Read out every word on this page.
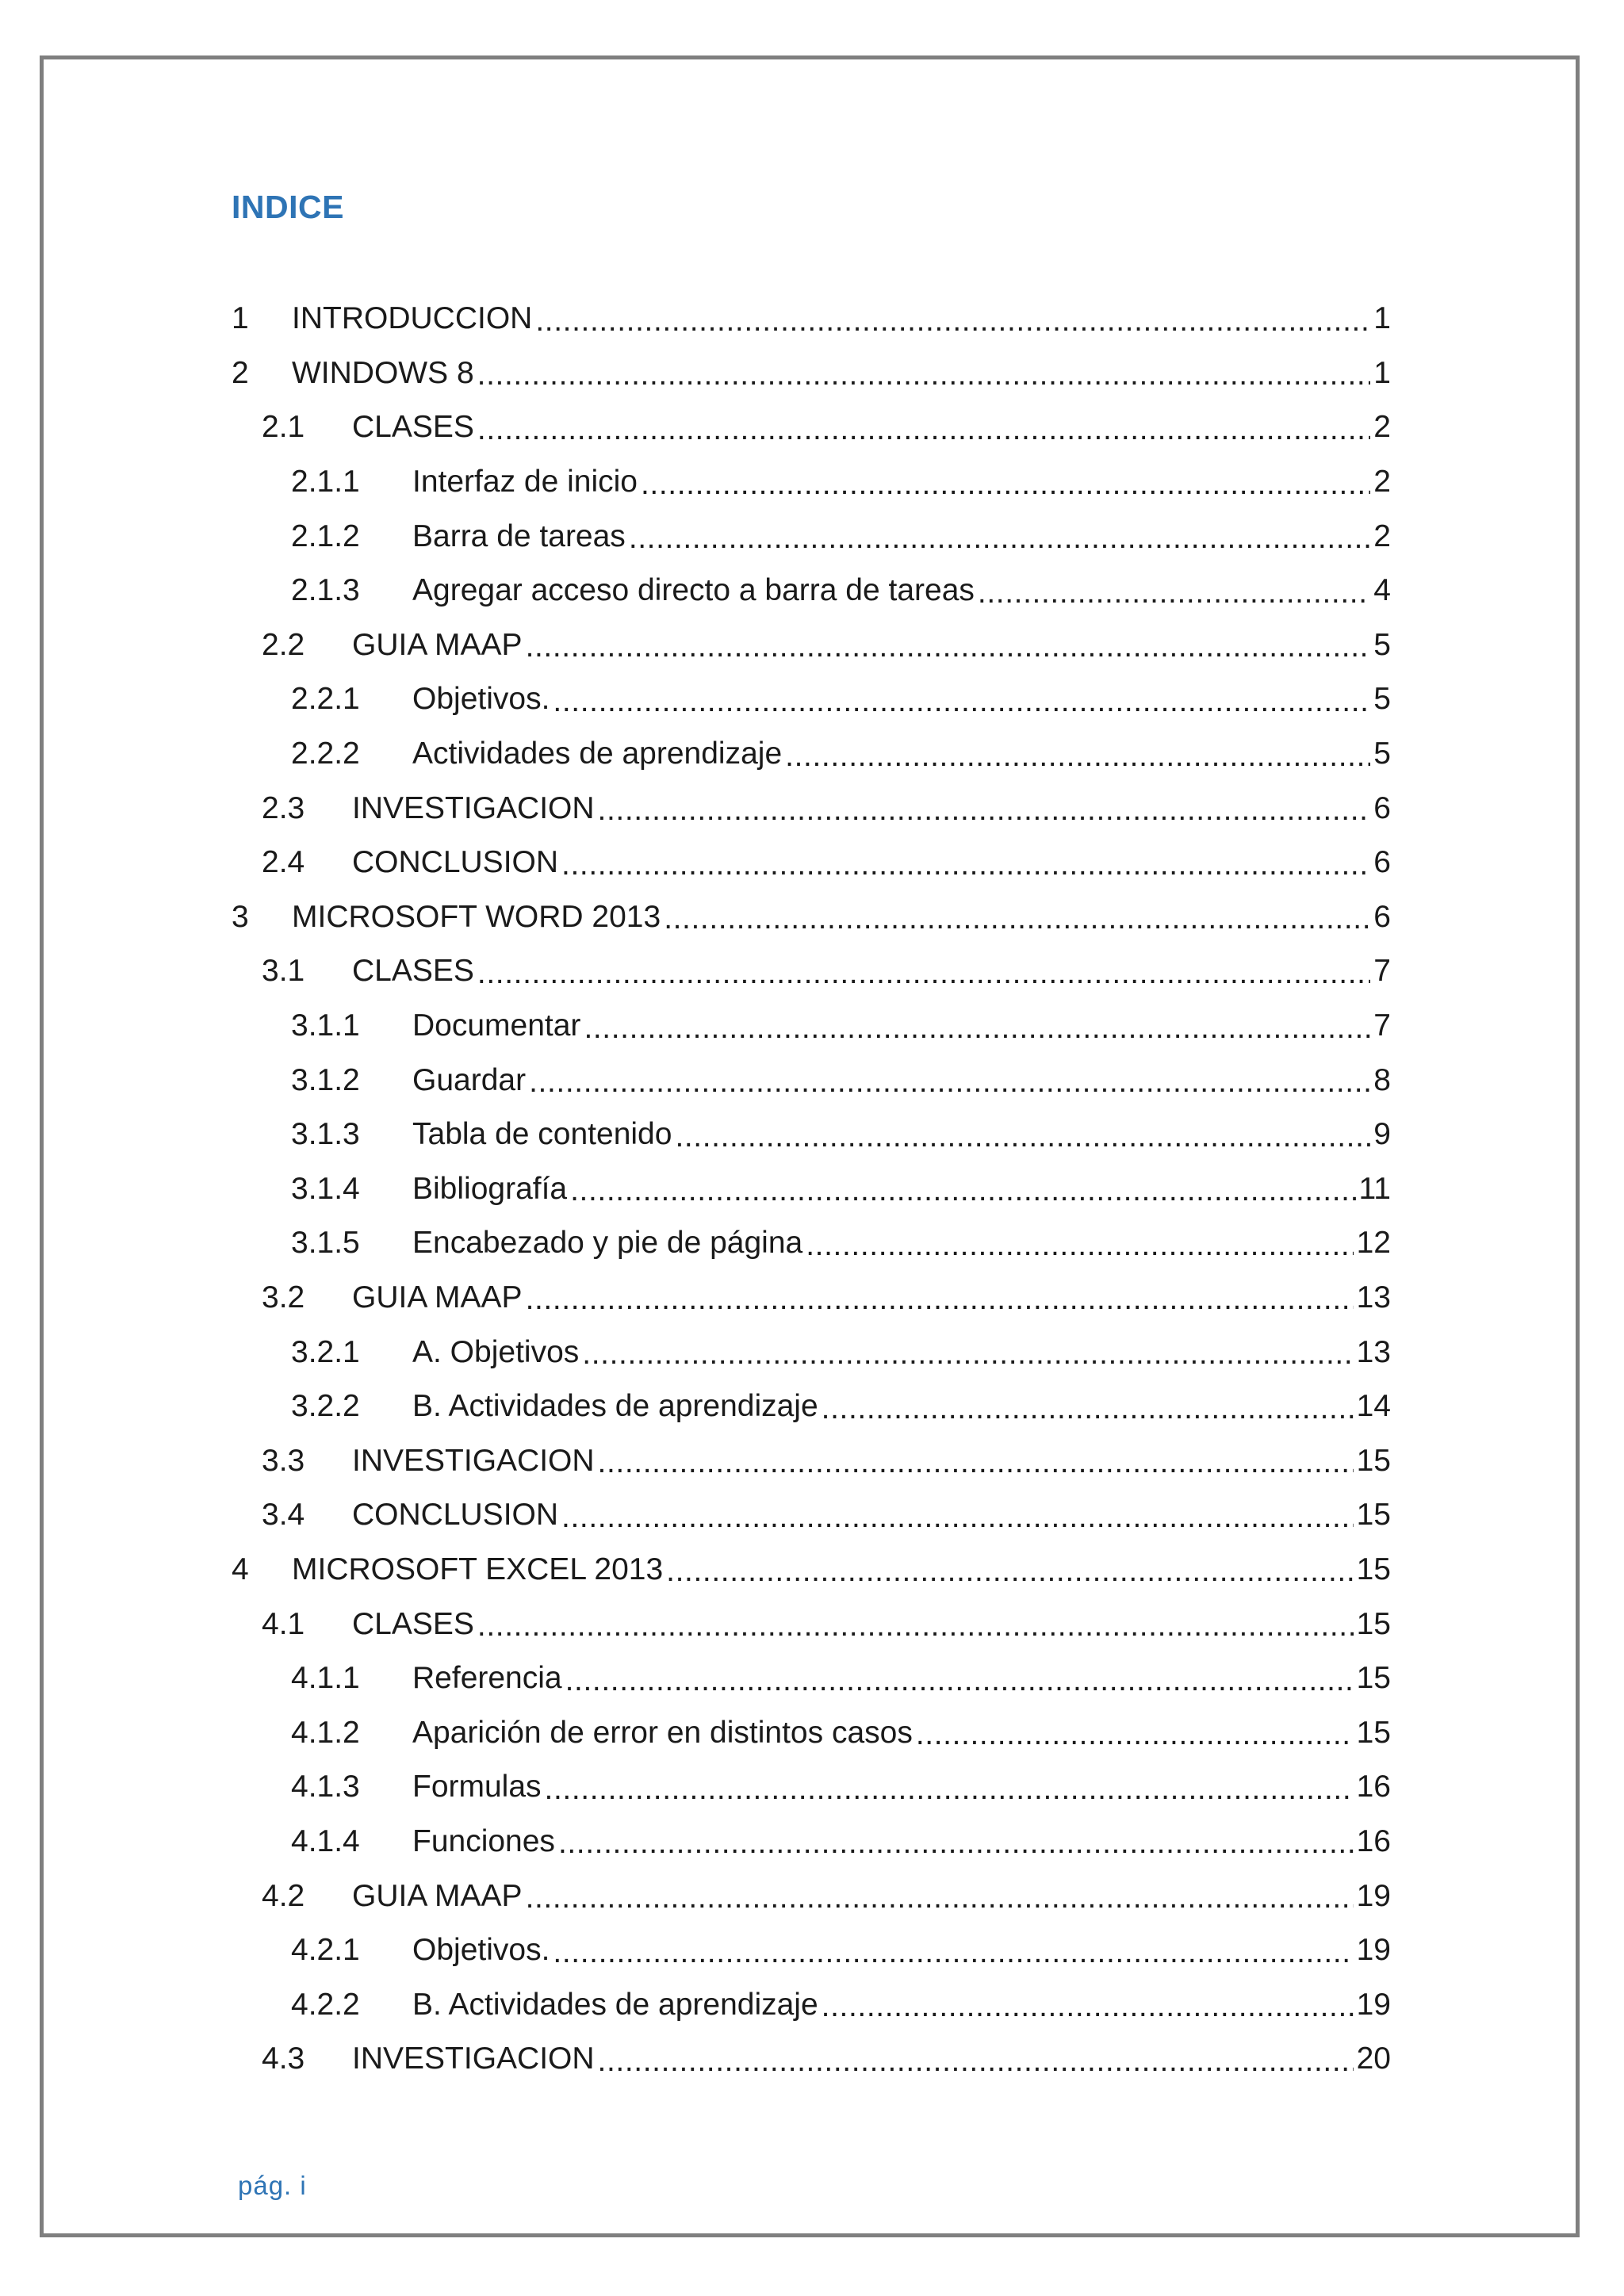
INDICE
1	INTRODUCCION .....	1
2	WINDOWS 8 .....	1
2.1	CLASES .....	2
2.1.1	Interfaz de inicio .....	2
2.1.2	Barra de tareas .....	2
2.1.3	Agregar acceso directo a barra de tareas .....	4
2.2	GUIA MAAP .....	5
2.2.1	Objetivos. .....	5
2.2.2	Actividades de aprendizaje .....	5
2.3	INVESTIGACION .....	6
2.4	CONCLUSION .....	6
3	MICROSOFT WORD 2013 .....	6
3.1	CLASES .....	7
3.1.1	Documentar .....	7
3.1.2	Guardar .....	8
3.1.3	Tabla de contenido .....	9
3.1.4	Bibliografía .....	11
3.1.5	Encabezado y pie de página .....	12
3.2	GUIA MAAP .....	13
3.2.1	A. Objetivos .....	13
3.2.2	B. Actividades de aprendizaje .....	14
3.3	INVESTIGACION .....	15
3.4	CONCLUSION .....	15
4	MICROSOFT EXCEL 2013 .....	15
4.1	CLASES .....	15
4.1.1	Referencia .....	15
4.1.2	Aparición de error en distintos casos .....	15
4.1.3	Formulas .....	16
4.1.4	Funciones .....	16
4.2	GUIA MAAP .....	19
4.2.1	Objetivos. .....	19
4.2.2	B. Actividades de aprendizaje .....	19
4.3	INVESTIGACION .....	20
pág. i
